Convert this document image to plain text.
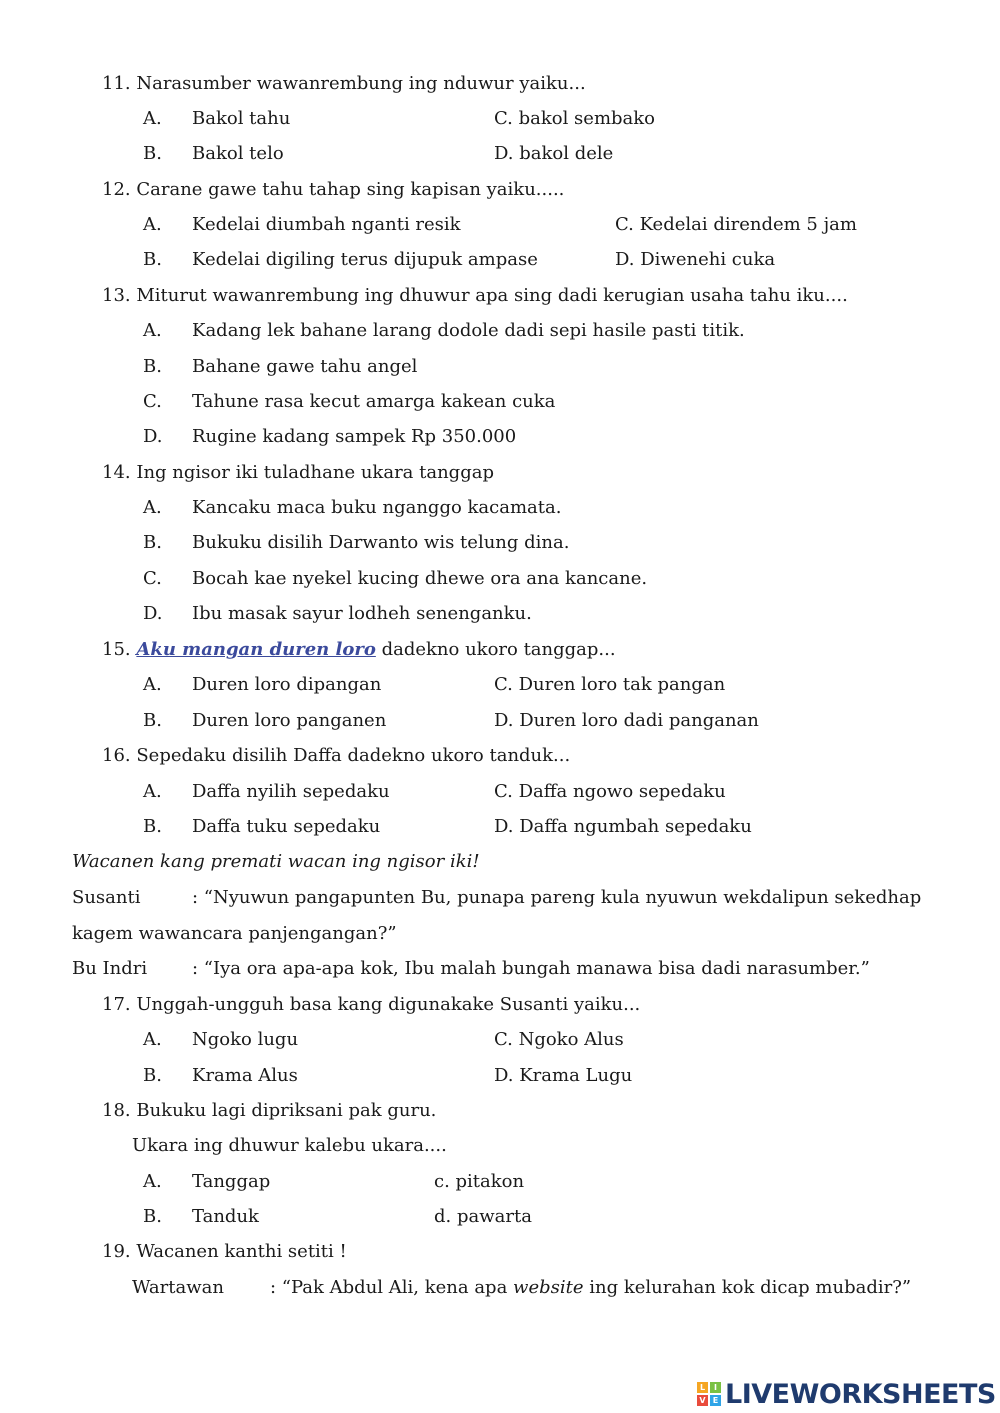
11. Narasumber wawanrembung ing nduwur yaiku...
A. Bakol tahu	C. bakol sembako
B. Bakol telo	D. bakol dele
12. Carane gawe tahu tahap sing kapisan yaiku.....
A. Kedelai diumbah nganti resik	C. Kedelai direndem 5 jam
B. Kedelai digiling terus dijupuk ampase	D. Diwenehi cuka
13. Miturut wawanrembung ing dhuwur apa sing dadi kerugian usaha tahu iku....
A. Kadang lek bahane larang dodole dadi sepi hasile pasti titik.
B. Bahane gawe tahu angel
C. Tahune rasa kecut amarga kakean cuka
D. Rugine kadang sampek Rp 350.000
14. Ing ngisor iki tuladhane ukara tanggap
A. Kancaku maca buku nganggo kacamata.
B. Bukuku disilih Darwanto wis telung dina.
C. Bocah kae nyekel kucing dhewe ora ana kancane.
D. Ibu masak sayur lodheh senenganku.
15. Aku mangan duren loro dadekno ukoro tanggap...
A. Duren loro dipangan	C. Duren loro tak pangan
B. Duren loro panganen	D. Duren loro dadi panganan
16. Sepedaku disilih Daffa dadekno ukoro tanduk...
A. Daffa nyilih sepedaku	C. Daffa ngowo sepedaku
B. Daffa tuku sepedaku	D. Daffa ngumbah sepedaku
Wacanen kang premati wacan ing ngisor iki!
Susanti	: “Nyuwun pangapunten Bu, punapa pareng kula nyuwun wekdalipun sekedhap
kagem wawancara panjengangan?”
Bu Indri : “Iya ora apa-apa kok, Ibu malah bungah manawa bisa dadi narasumber.”
17. Unggah-ungguh basa kang digunakake Susanti yaiku...
A. Ngoko lugu	C. Ngoko Alus
B. Krama Alus	D. Krama Lugu
18. Bukuku lagi dipriksani pak guru.
Ukara ing dhuwur kalebu ukara....
A. Tanggap	c. pitakon
B. Tanduk	d. pawarta
19. Wacanen kanthi setiti !
Wartawan	: “Pak Abdul Ali, kena apa website ing kelurahan kok dicap mubadir?”
L	I
V E LIVEWORKSHEETS
